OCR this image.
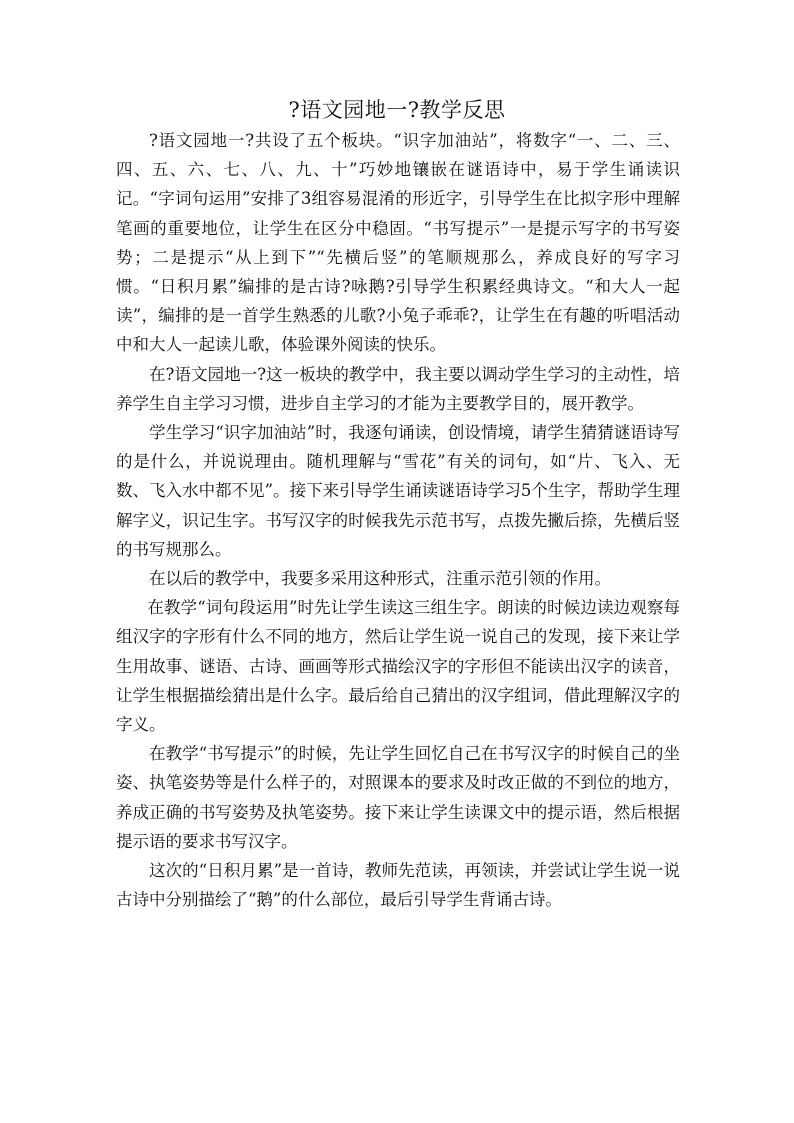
?语文园地一?教学反思

?语文园地一?共设了五个板块。“识字加油站”，将数字“一、二、三、四、五、六、七、八、九、十”巧妙地镶嵌在谜语诗中，易于学生诵读识记。“字词句运用”安排了3组容易混淆的形近字，引导学生在比拟字形中理解笔画的重要地位，让学生在区分中稳固。“书写提示”一是提示写字的书写姿势；二是提示“从上到下”“先横后竖”的笔顺规那么，养成良好的写字习惯。“日积月累”编排的是古诗?咏鹅?引导学生积累经典诗文。“和大人一起读”，编排的是一首学生熟悉的儿歌?小兔子乖乖?，让学生在有趣的听唱活动中和大人一起读儿歌，体验课外阅读的快乐。

在?语文园地一?这一板块的教学中，我主要以调动学生学习的主动性，培养学生自主学习习惯，进步自主学习的才能为主要教学目的，展开教学。

学生学习“识字加油站”时，我逐句诵读，创设情境，请学生猜猜谜语诗写的是什么，并说说理由。随机理解与“雪花”有关的词句，如“片、飞入、无数、飞入水中都不见”。接下来引导学生诵读谜语诗学习5个生字，帮助学生理解字义，识记生字。书写汉字的时候我先示范书写，点拨先撇后捺，先横后竖的书写规那么。

在以后的教学中，我要多采用这种形式，注重示范引领的作用。

在教学“词句段运用”时先让学生读这三组生字。朗读的时候边读边观察每组汉字的字形有什么不同的地方，然后让学生说一说自己的发现，接下来让学生用故事、谜语、古诗、画画等形式描绘汉字的字形但不能读出汉字的读音，让学生根据描绘猜出是什么字。最后给自己猜出的汉字组词，借此理解汉字的字义。

在教学“书写提示”的时候，先让学生回忆自己在书写汉字的时候自己的坐姿、执笔姿势等是什么样子的，对照课本的要求及时改正做的不到位的地方，养成正确的书写姿势及执笔姿势。接下来让学生读课文中的提示语，然后根据提示语的要求书写汉字。

这次的“日积月累”是一首诗，教师先范读，再领读，并尝试让学生说一说古诗中分别描绘了“鹅”的什么部位，最后引导学生背诵古诗。
